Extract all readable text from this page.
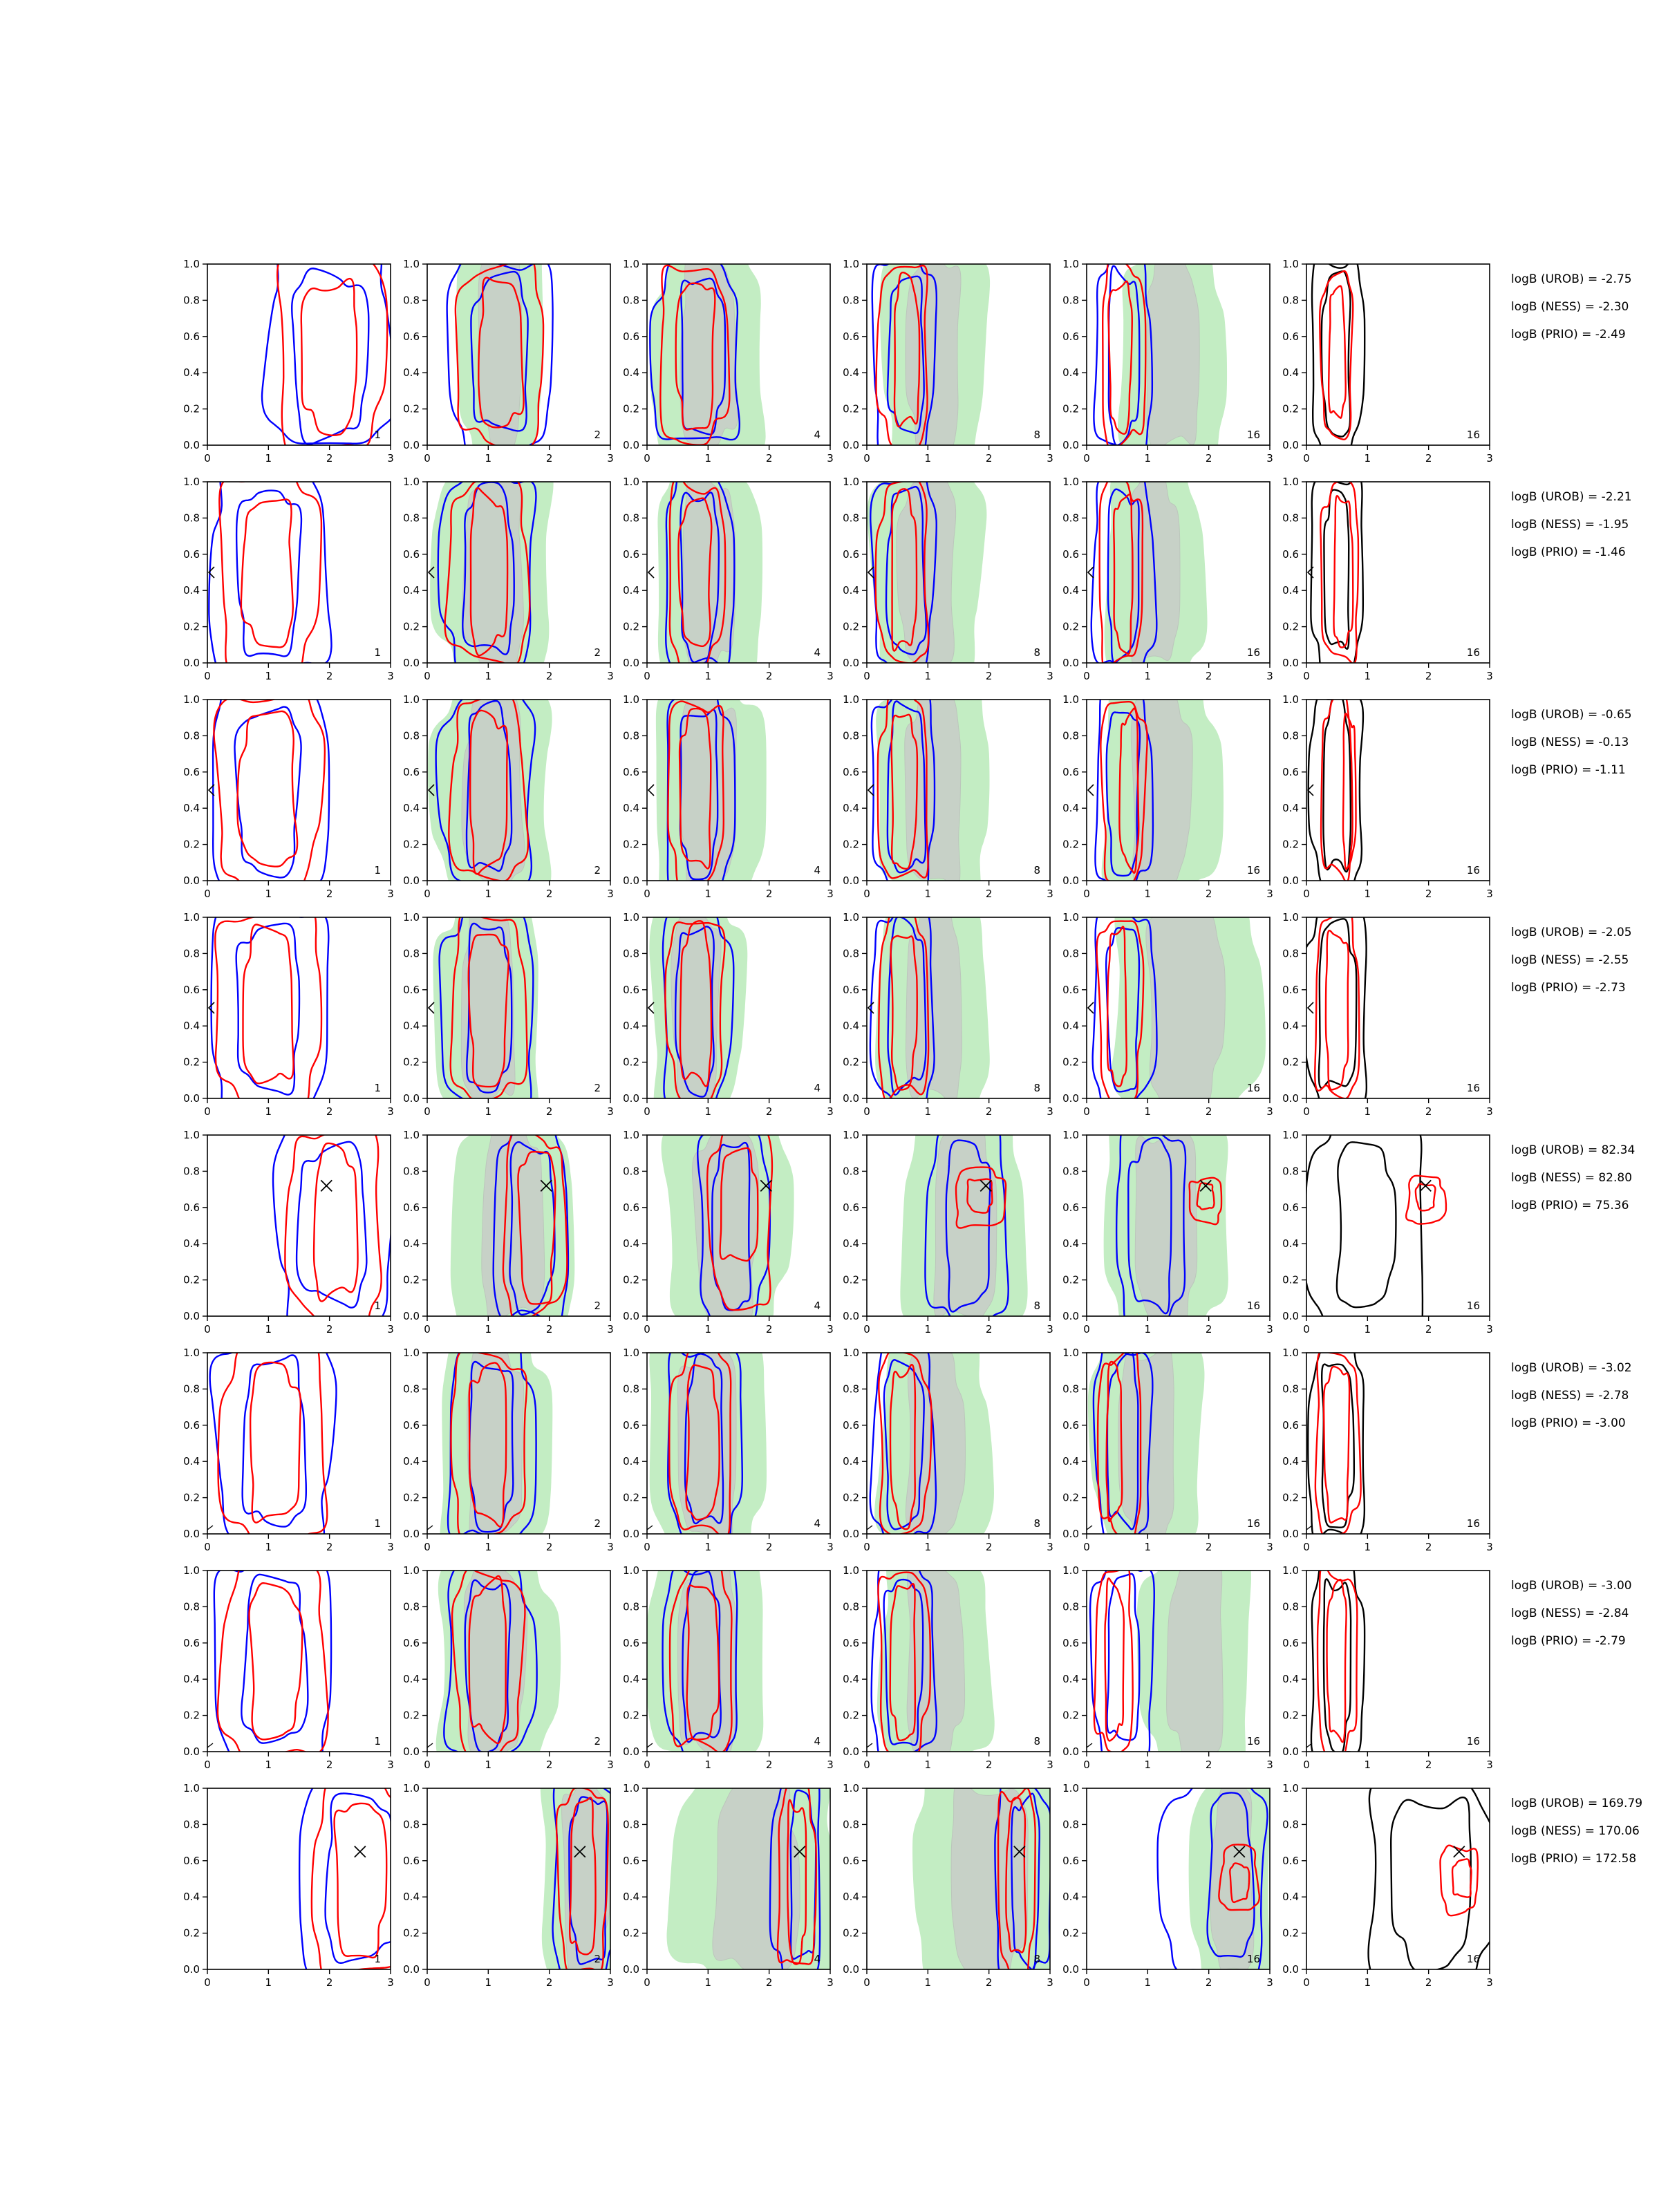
0	1	2	3
0.0
0.2
0.4
0.6
0.8
1.0
1
0	1	2	3
0.0
0.2
0.4
0.6
0.8
1.0
2
0	1	2	3
0.0
0.2
0.4
0.6
0.8
1.0
4
0	1	2	3
0.0
0.2
0.4
0.6
0.8
1.0
8
0	1	2	3
0.0
0.2
0.4
0.6
0.8
1.0
16
0	1	2	3
0.0
0.2
0.4
0.6
0.8
1.0
16
logB (UROB) = -2.75
logB (NESS) = -2.30
logB (PRIO) = -2.49
0	1	2	3
0.0
0.2
0.4
0.6
0.8
1.0
1
0	1	2	3
0.0
0.2
0.4
0.6
0.8
1.0
2
0	1	2	3
0.0
0.2
0.4
0.6
0.8
1.0
4
0	1	2	3
0.0
0.2
0.4
0.6
0.8
1.0
8
0	1	2	3
0.0
0.2
0.4
0.6
0.8
1.0
16
0	1	2	3
0.0
0.2
0.4
0.6
0.8
1.0
16
logB (UROB) = -2.21
logB (NESS) = -1.95
logB (PRIO) = -1.46
0	1	2	3
0.0
0.2
0.4
0.6
0.8
1.0
1
0	1	2	3
0.0
0.2
0.4
0.6
0.8
1.0
2
0	1	2	3
0.0
0.2
0.4
0.6
0.8
1.0
4
0	1	2	3
0.0
0.2
0.4
0.6
0.8
1.0
8
0	1	2	3
0.0
0.2
0.4
0.6
0.8
1.0
16
0	1	2	3
0.0
0.2
0.4
0.6
0.8
1.0
16
logB (UROB) = -0.65
logB (NESS) = -0.13
logB (PRIO) = -1.11
0	1	2	3
0.0
0.2
0.4
0.6
0.8
1.0
1
0	1	2	3
0.0
0.2
0.4
0.6
0.8
1.0
2
0	1	2	3
0.0
0.2
0.4
0.6
0.8
1.0
4
0	1	2	3
0.0
0.2
0.4
0.6
0.8
1.0
8
0	1	2	3
0.0
0.2
0.4
0.6
0.8
1.0
16
0	1	2	3
0.0
0.2
0.4
0.6
0.8
1.0
16
logB (UROB) = -2.05
logB (NESS) = -2.55
logB (PRIO) = -2.73
0	1	2	3
0.0
0.2
0.4
0.6
0.8
1.0
1
0	1	2	3
0.0
0.2
0.4
0.6
0.8
1.0
2
0	1	2	3
0.0
0.2
0.4
0.6
0.8
1.0
4
0	1	2	3
0.0
0.2
0.4
0.6
0.8
1.0
8
0	1	2	3
0.0
0.2
0.4
0.6
0.8
1.0
16
0	1	2	3
0.0
0.2
0.4
0.6
0.8
1.0
16
logB (UROB) = 82.34
logB (NESS) = 82.80
logB (PRIO) = 75.36
0	1	2	3
0.0
0.2
0.4
0.6
0.8
1.0
1
0	1	2	3
0.0
0.2
0.4
0.6
0.8
1.0
2
0	1	2	3
0.0
0.2
0.4
0.6
0.8
1.0
4
0	1	2	3
0.0
0.2
0.4
0.6
0.8
1.0
8
0	1	2	3
0.0
0.2
0.4
0.6
0.8
1.0
16
0	1	2	3
0.0
0.2
0.4
0.6
0.8
1.0
16
logB (UROB) = -3.02
logB (NESS) = -2.78
logB (PRIO) = -3.00
0	1	2	3
0.0
0.2
0.4
0.6
0.8
1.0
1
0	1	2	3
0.0
0.2
0.4
0.6
0.8
1.0
2
0	1	2	3
0.0
0.2
0.4
0.6
0.8
1.0
4
0	1	2	3
0.0
0.2
0.4
0.6
0.8
1.0
8
0	1	2	3
0.0
0.2
0.4
0.6
0.8
1.0
16
0	1	2	3
0.0
0.2
0.4
0.6
0.8
1.0
16
logB (UROB) = -3.00
logB (NESS) = -2.84
logB (PRIO) = -2.79
0	1	2	3
0.0
0.2
0.4
0.6
0.8
1.0
1
0	1	2	3
0.0
0.2
0.4
0.6
0.8
1.0
2
0	1	2	3
0.0
0.2
0.4
0.6
0.8
1.0
4
0	1	2	3
0.0
0.2
0.4
0.6
0.8
1.0
8
0	1	2	3
0.0
0.2
0.4
0.6
0.8
1.0
16
0	1	2	3
0.0
0.2
0.4
0.6
0.8
1.0
16
logB (UROB) = 169.79
logB (NESS) = 170.06
logB (PRIO) = 172.58
